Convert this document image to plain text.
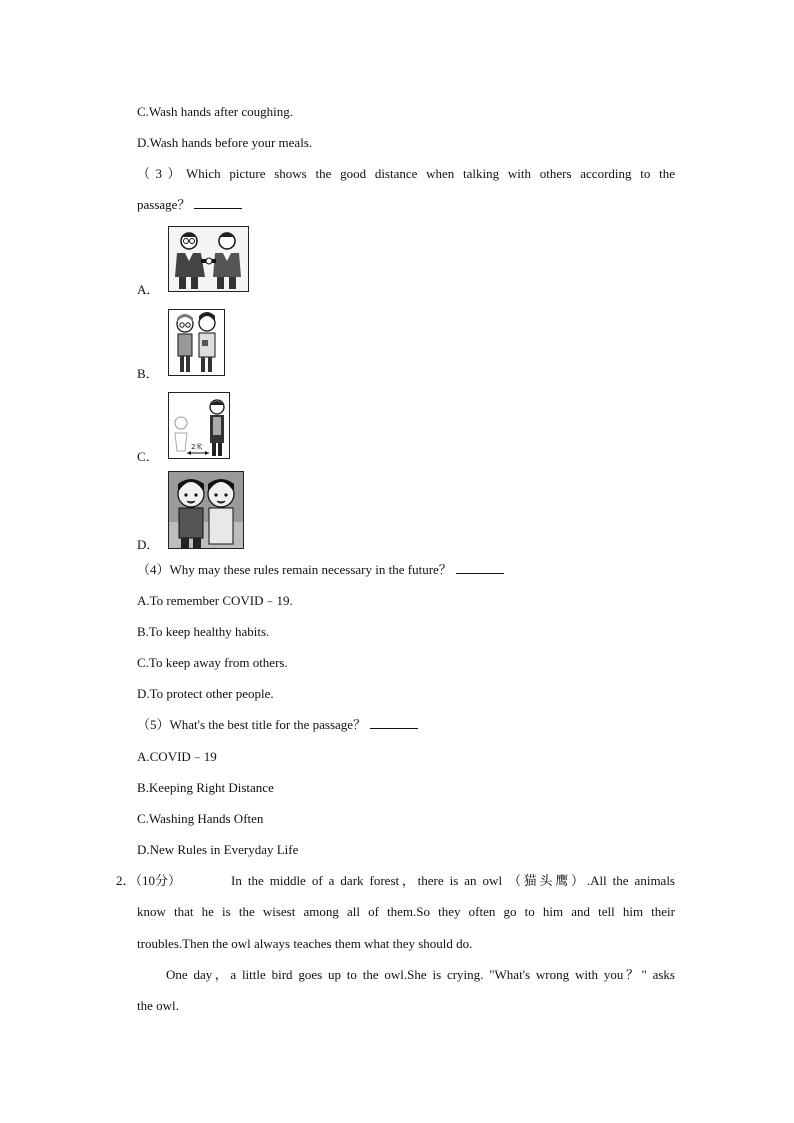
C.Wash hands after coughing.
D.Wash hands before your meals.
（3）Which picture shows the good distance when talking with others according to the
passage？
A．
B．
C．
2米
D．
（4）Why may these rules remain necessary in the future？
A.To remember COVID﹣19.
B.To keep healthy habits.
C.To keep away from others.
D.To protect other people.
（5）What's the best title for the passage？
A.COVID﹣19
B.Keeping Right Distance
C.Washing Hands Often
D.New Rules in Everyday Life
2．（10分）	In the middle of a dark forest，there is an owl （猫头鹰）.All the animals
know that he is the wisest among all of them.So they often go to him and tell him their
troubles.Then the owl always teaches them what they should do.
One day，a little bird goes up to the owl.She is crying. "What's wrong with you？" asks
the owl.
